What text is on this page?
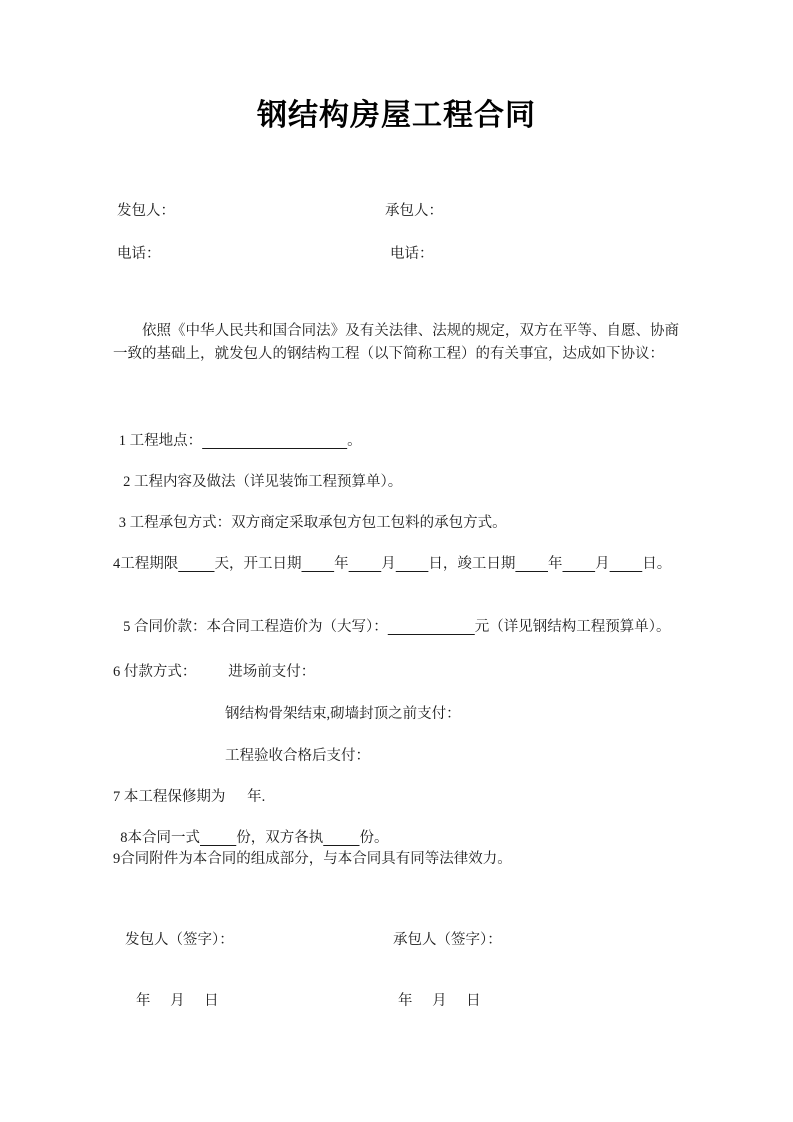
钢结构房屋工程合同
发包人：	承包人：
电话：	电话：
依照《中华人民共和国合同法》及有关法律、法规的规定，双方在平等、自愿、协商一致的基础上，就发包人的钢结构工程（以下简称工程）的有关事宜，达成如下协议：
1 工程地点：	。
2 工程内容及做法（详见装饰工程预算单）。
3 工程承包方式：双方商定采取承包方包工包料的承包方式。
4工程期限	天，开工日期 年 月 日，竣工日期 年 月 日。
5 合同价款：本合同工程造价为（大写）：	元（详见钢结构工程预算单）。
6 付款方式： 进场前支付：
钢结构骨架结束,砌墙封顶之前支付：
工程验收合格后支付：
7 本工程保修期为 年.
8本合同一式	份，双方各执	份。
9合同附件为本合同的组成部分，与本合同具有同等法律效力。
发包人（签字）：	承包人（签字）：
年 月 日	年 月 日
